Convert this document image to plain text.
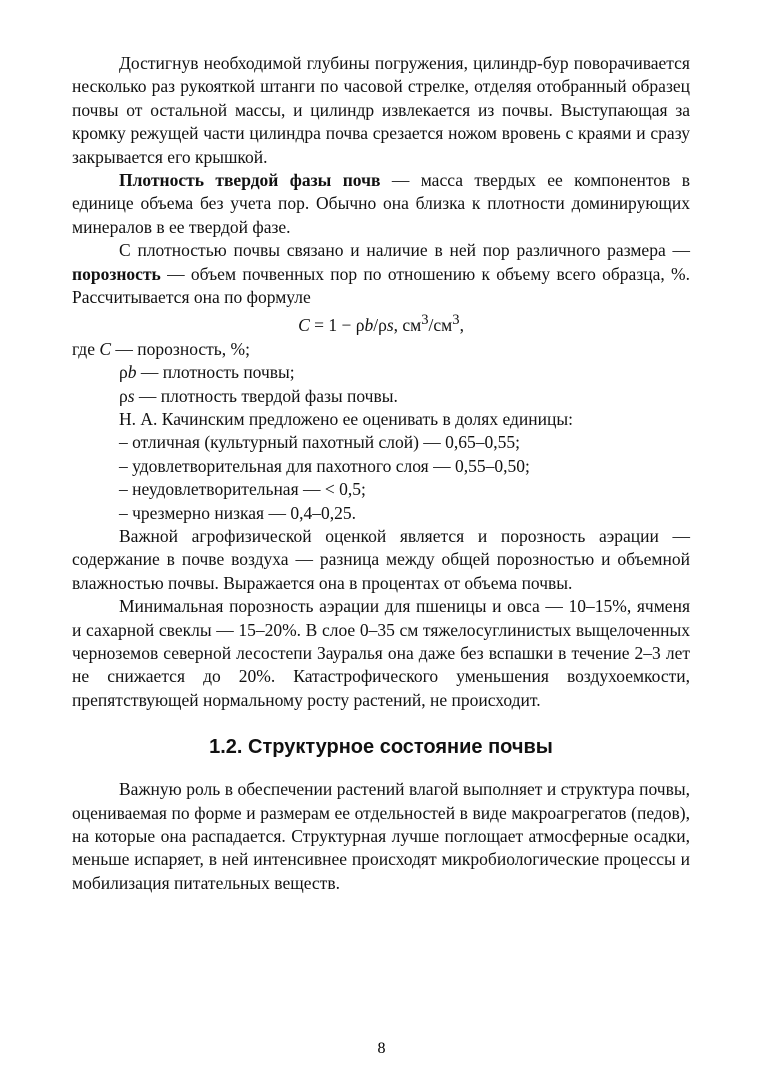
Достигнув необходимой глубины погружения, цилиндр-бур поворачивается несколько раз рукояткой штанги по часовой стрелке, отделяя отобранный образец почвы от остальной массы, и цилиндр извлекается из почвы. Выступающая за кромку режущей части цилиндра почва срезается ножом вровень с краями и сразу закрывается его крышкой.

Плотность твердой фазы почв — масса твердых ее компонентов в единице объема без учета пор. Обычно она близка к плотности доминирующих минералов в ее твердой фазе.

С плотностью почвы связано и наличие в ней пор различного размера — порозность — объем почвенных пор по отношению к объему всего образца, %. Рассчитывается она по формуле

C = 1 − ρb/ρs, $см^3/см^3$,

где C — порозность, %;

ρb — плотность почвы;

ρs — плотность твердой фазы почвы.

Н. А. Качинским предложено ее оценивать в долях единицы:

– отличная (культурный пахотный слой) — 0,65–0,55;

– удовлетворительная для пахотного слоя — 0,55–0,50;

– неудовлетворительная — < 0,5;

– чрезмерно низкая — 0,4–0,25.

Важной агрофизической оценкой является и порозность аэрации — содержание в почве воздуха — разница между общей порозностью и объемной влажностью почвы. Выражается она в процентах от объема почвы.

Минимальная порозность аэрации для пшеницы и овса — 10–15%, ячменя и сахарной свеклы — 15–20%. В слое 0–35 см тяжелосуглинистых выщелоченных черноземов северной лесостепи Зауралья она даже без вспашки в течение 2–3 лет не снижается до 20%. Катастрофического уменьшения воздухоемкости, препятствующей нормальному росту растений, не происходит.

1.2. Структурное состояние почвы

Важную роль в обеспечении растений влагой выполняет и структура почвы, оцениваемая по форме и размерам ее отдельностей в виде макроагрегатов (педов), на которые она распадается. Структурная лучше поглощает атмосферные осадки, меньше испаряет, в ней интенсивнее происходят микробиологические процессы и мобилизация питательных веществ.

8
